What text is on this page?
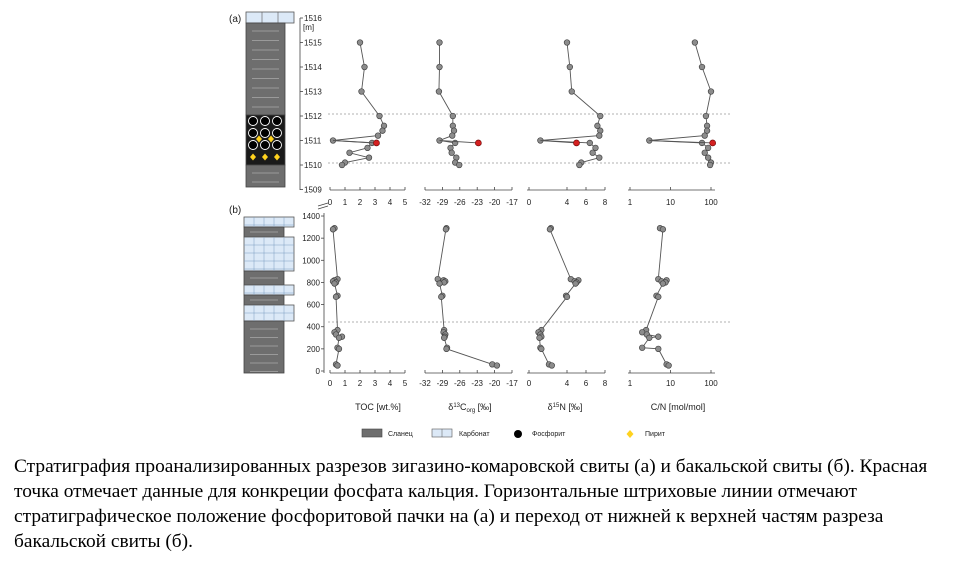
(a)
(b)
[m]
1516
1515
1514
1513
1512
1511
1510
1509
0
200
400
600
800
1000
1200
1400
0 1 2 3 4 5
0 1 2 3 4 5
-32 -29 -26 -23 -20 -17
-32 -29 -26 -23 -20 -17
0	4 6 8
0	4 6 8
1	10	100
1	10	100
TOC [wt.%]	$\delta^{13}C_{org}$ [‰]	$\delta^{15}N$ [‰]	C/N [mol/mol]
Сланец	Карбонат	Фосфорит	Пирит

Стратиграфия проанализированных разрезов зигазино-комаровской свиты (а) и бакальской свиты (б). Красная точка отмечает данные для конкреции фосфата кальция. Горизонтальные штриховые линии отмечают стратиграфическое положение фосфоритовой пачки на (а) и переход от нижней к верхней частям разреза бакальской свиты (б).
